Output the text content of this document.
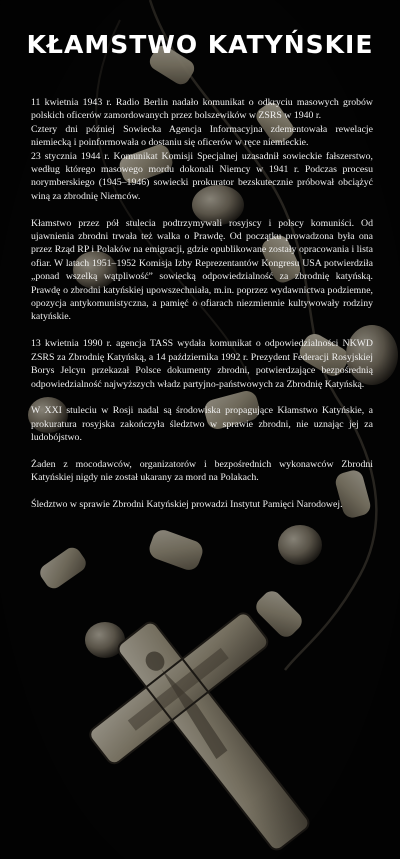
KŁAMSTWO KATYŃSKIE

11 kwietnia 1943 r. Radio Berlin nadało komunikat o odkryciu masowych grobów polskich oficerów zamordowanych przez bolszewików w ZSRS w 1940 r.

Cztery dni później Sowiecka Agencja Informacyjna zdementowała rewelacje niemiecką i poinformowała o dostaniu się oficerów w ręce niemieckie.

23 stycznia 1944 r. Komunikat Komisji Specjalnej uzasadnił sowieckie fałszerstwo, według którego masowego mordu dokonali Niemcy w 1941 r. Podczas procesu norymberskiego (1945–1946) sowiecki prokurator bezskutecznie próbował obciążyć winą za zbrodnię Niemców.

Kłamstwo przez pół stulecia podtrzymywali rosyjscy i polscy komuniści. Od ujawnienia zbrodni trwała też walka o Prawdę. Od początku prowadzona była ona przez Rząd RP i Polaków na emigracji, gdzie opublikowane zostały opracowania i lista ofiar. W latach 1951–1952 Komisja Izby Reprezentantów Kongresu USA potwierdziła „ponad wszelką wątpliwość” sowiecką odpowiedzialność za zbrodnię katyńską. Prawdę o zbrodni katyńskiej upowszechniała, m.in. poprzez wydawnictwa podziemne, opozycja antykomunistyczna, a pamięć o ofiarach niezmiennie kultywowały rodziny katyńskie.

13 kwietnia 1990 r. agencja TASS wydała komunikat o odpowiedzialności NKWD ZSRS za Zbrodnię Katyńską, a 14 października 1992 r. Prezydent Federacji Rosyjskiej Borys Jelcyn przekazał Polsce dokumenty zbrodni, potwierdzające bezpośrednią odpowiedzialność najwyższych władz partyjno-państwowych za Zbrodnię Katyńską.

W XXI stuleciu w Rosji nadal są środowiska propagujące Kłamstwo Katyńskie, a prokuratura rosyjska zakończyła śledztwo w sprawie zbrodni, nie uznając jej za ludobójstwo.

Żaden z mocodawców, organizatorów i bezpośrednich wykonawców Zbrodni Katyńskiej nigdy nie został ukarany za mord na Polakach.

Śledztwo w sprawie Zbrodni Katyńskiej prowadzi Instytut Pamięci Narodowej.
